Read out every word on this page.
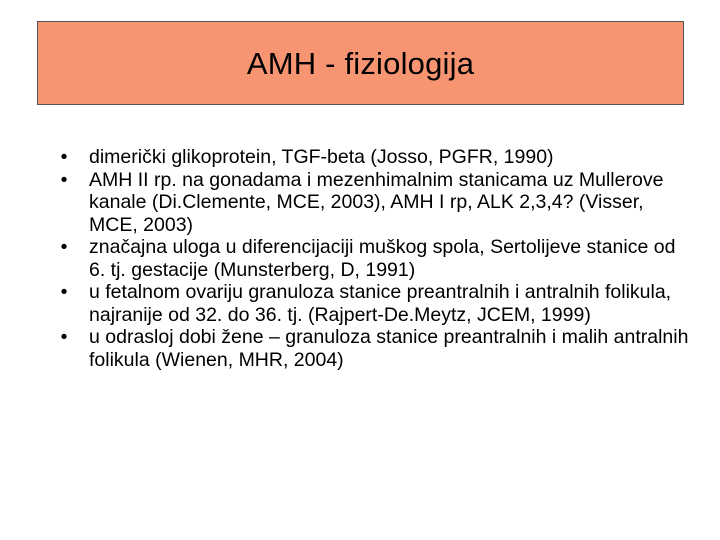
AMH - fiziologija
• dimerički glikoprotein, TGF-beta (Josso, PGFR, 1990)
• AMH II rp. na gonadama i mezenhimalnim stanicama uz Mullerove kanale (Di.Clemente, MCE, 2003), AMH I rp, ALK 2,3,4? (Visser, MCE, 2003)
• značajna uloga u diferencijaciji muškog spola, Sertolijeve stanice od 6. tj. gestacije (Munsterberg, D, 1991)
• u fetalnom ovariju granuloza stanice preantralnih i antralnih folikula, najranije od 32. do 36. tj. (Rajpert-De.Meytz, JCEM, 1999)
• u odrasloj dobi žene – granuloza stanice preantralnih i malih antralnih folikula (Wienen, MHR, 2004)
